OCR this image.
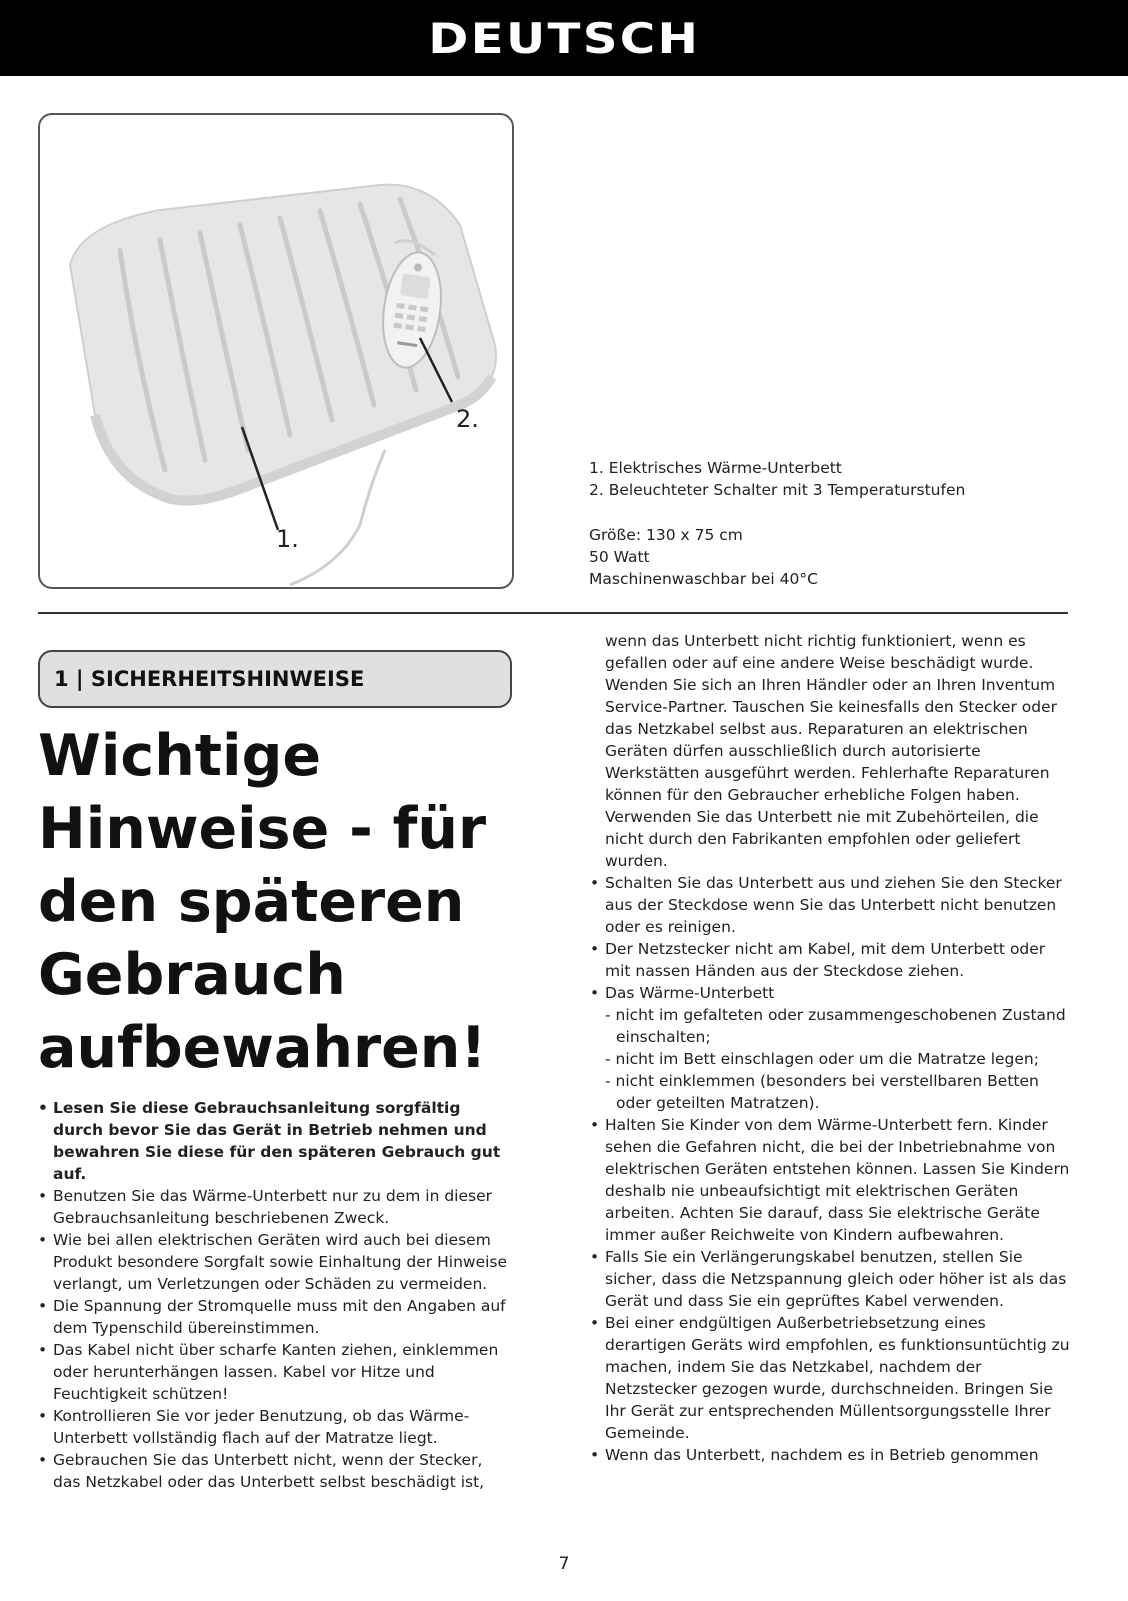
DEUTSCH
1.
2.
1. Elektrisches Wärme-Unterbett
2. Beleuchteter Schalter mit 3 Temperaturstufen
Größe: 130 x 75 cm
50 Watt
Maschinenwaschbar bei 40°C
1 | SICHERHEITSHINWEISE
Wichtige Hinweise - für den späteren Gebrauch aufbewahren!
• Lesen Sie diese Gebrauchsanleitung sorgfältig durch bevor Sie das Gerät in Betrieb nehmen und bewahren Sie diese für den späteren Gebrauch gut auf.
• Benutzen Sie das Wärme-Unterbett nur zu dem in dieser Gebrauchsanleitung beschriebenen Zweck.
• Wie bei allen elektrischen Geräten wird auch bei diesem Produkt besondere Sorgfalt sowie Einhaltung der Hinweise verlangt, um Verletzungen oder Schäden zu vermeiden.
• Die Spannung der Stromquelle muss mit den Angaben auf dem Typenschild übereinstimmen.
• Das Kabel nicht über scharfe Kanten ziehen, einklemmen oder herunterhängen lassen. Kabel vor Hitze und Feuchtigkeit schützen!
• Kontrollieren Sie vor jeder Benutzung, ob das Wärme-Unterbett vollständig flach auf der Matratze liegt.
• Gebrauchen Sie das Unterbett nicht, wenn der Stecker, das Netzkabel oder das Unterbett selbst beschädigt ist,
wenn das Unterbett nicht richtig funktioniert, wenn es gefallen oder auf eine andere Weise beschädigt wurde. Wenden Sie sich an Ihren Händler oder an Ihren Inventum Service-Partner. Tauschen Sie keinesfalls den Stecker oder das Netzkabel selbst aus. Reparaturen an elektrischen Geräten dürfen ausschließlich durch autorisierte Werkstätten ausgeführt werden. Fehlerhafte Reparaturen können für den Gebraucher erhebliche Folgen haben. Verwenden Sie das Unterbett nie mit Zubehörteilen, die nicht durch den Fabrikanten empfohlen oder geliefert wurden.
• Schalten Sie das Unterbett aus und ziehen Sie den Stecker aus der Steckdose wenn Sie das Unterbett nicht benutzen oder es reinigen.
• Der Netzstecker nicht am Kabel, mit dem Unterbett oder mit nassen Händen aus der Steckdose ziehen.
• Das Wärme-Unterbett
- nicht im gefalteten oder zusammengeschobenen Zustand einschalten;
- nicht im Bett einschlagen oder um die Matratze legen;
- nicht einklemmen (besonders bei verstellbaren Betten oder geteilten Matratzen).
• Halten Sie Kinder von dem Wärme-Unterbett fern. Kinder sehen die Gefahren nicht, die bei der Inbetriebnahme von elektrischen Geräten entstehen können. Lassen Sie Kindern deshalb nie unbeaufsichtigt mit elektrischen Geräten arbeiten. Achten Sie darauf, dass Sie elektrische Geräte immer außer Reichweite von Kindern aufbewahren.
• Falls Sie ein Verlängerungskabel benutzen, stellen Sie sicher, dass die Netzspannung gleich oder höher ist als das Gerät und dass Sie ein geprüftes Kabel verwenden.
• Bei einer endgültigen Außerbetriebsetzung eines derartigen Geräts wird empfohlen, es funktionsuntüchtig zu machen, indem Sie das Netzkabel, nachdem der Netzstecker gezogen wurde, durchschneiden. Bringen Sie Ihr Gerät zur entsprechenden Müllentsorgungsstelle Ihrer Gemeinde.
• Wenn das Unterbett, nachdem es in Betrieb genommen
7
